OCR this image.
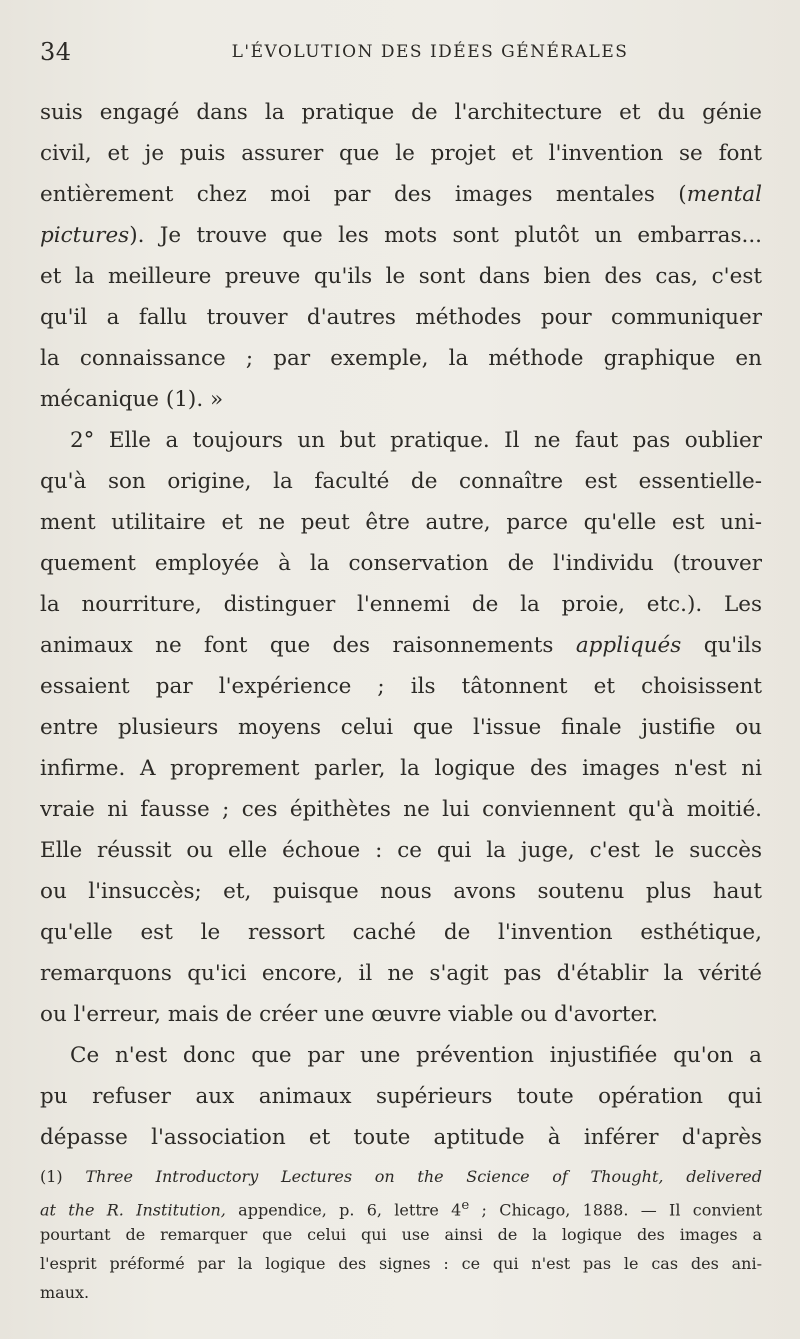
34	L'ÉVOLUTION DES IDÉES GÉNÉRALES
suis engagé dans la pratique de l'architecture et du génie
civil, et je puis assurer que le projet et l'invention se font
entièrement chez moi par des images mentales (mental
pictures). Je trouve que les mots sont plutôt un embarras...
et la meilleure preuve qu'ils le sont dans bien des cas, c'est
qu'il a fallu trouver d'autres méthodes pour communiquer
la connaissance ; par exemple, la méthode graphique en
mécanique (1). »
2° Elle a toujours un but pratique. Il ne faut pas oublier
qu'à son origine, la faculté de connaître est essentielle-
ment utilitaire et ne peut être autre, parce qu'elle est uni-
quement employée à la conservation de l'individu (trouver
la nourriture, distinguer l'ennemi de la proie, etc.). Les
animaux ne font que des raisonnements appliqués qu'ils
essaient par l'expérience ; ils tâtonnent et choisissent
entre plusieurs moyens celui que l'issue finale justifie ou
infirme. A proprement parler, la logique des images n'est ni
vraie ni fausse ; ces épithètes ne lui conviennent qu'à moitié.
Elle réussit ou elle échoue : ce qui la juge, c'est le succès
ou l'insuccès; et, puisque nous avons soutenu plus haut
qu'elle est le ressort caché de l'invention esthétique,
remarquons qu'ici encore, il ne s'agit pas d'établir la vérité
ou l'erreur, mais de créer une œuvre viable ou d'avorter.
Ce n'est donc que par une prévention injustifiée qu'on a
pu refuser aux animaux supérieurs toute opération qui
dépasse l'association et toute aptitude à inférer d'après
(1) Three Introductory Lectures on the Science of Thought, delivered
at the R. Institution, appendice, p. 6, lettre 4e ; Chicago, 1888. — Il convient
pourtant de remarquer que celui qui use ainsi de la logique des images a
l'esprit préformé par la logique des signes : ce qui n'est pas le cas des ani-
maux.
